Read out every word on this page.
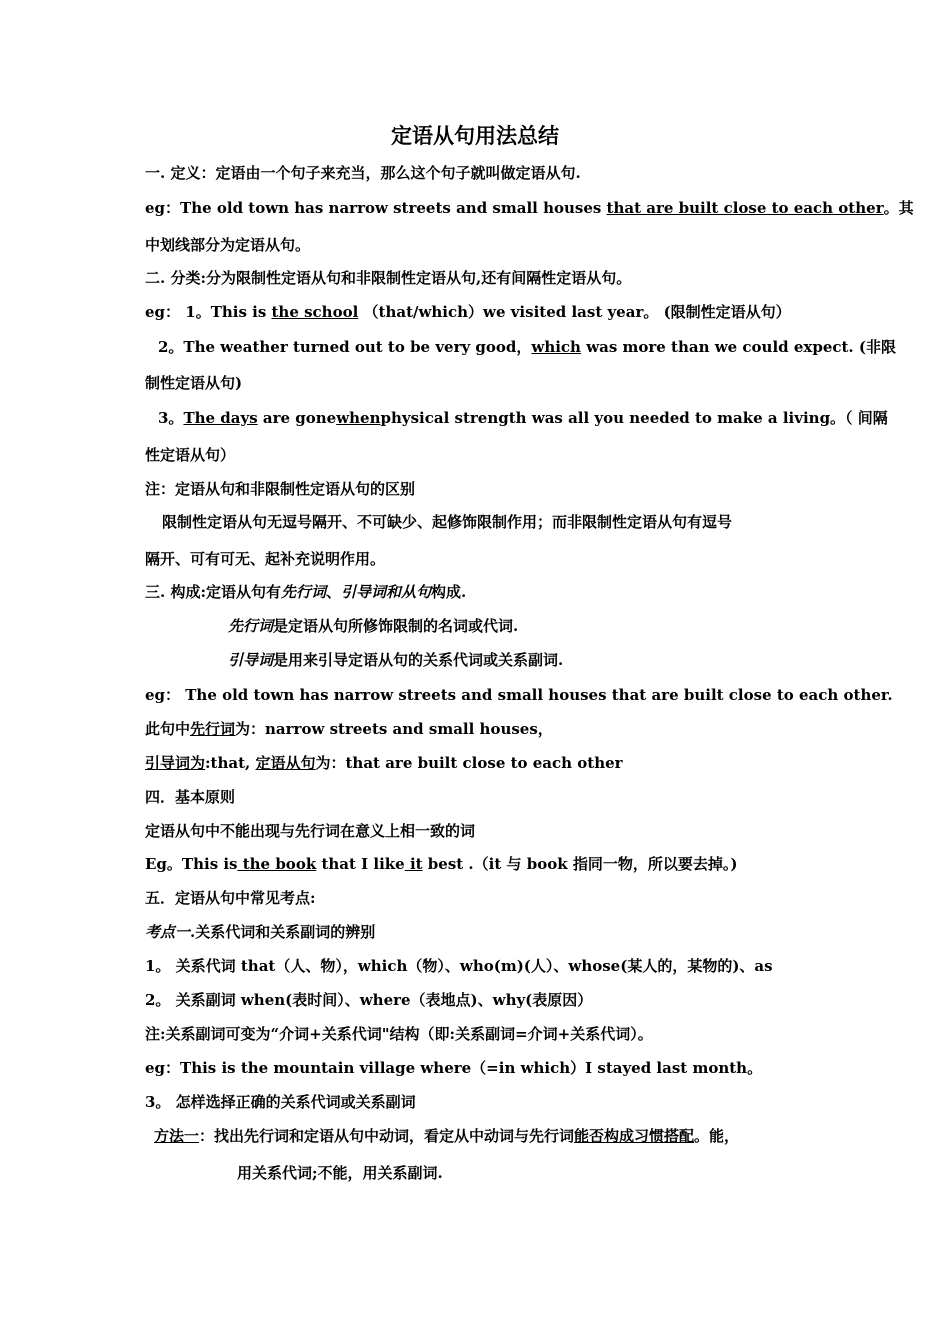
定语从句用法总结
一. 定义：定语由一个句子来充当，那么这个句子就叫做定语从句.
eg：The old town has narrow streets and small houses that are built close to each other。其
中划线部分为定语从句。
二. 分类:分为限制性定语从句和非限制性定语从句,还有间隔性定语从句。
eg： 1。This is the school （that/which）we visited last year。 (限制性定语从句）
2。The weather turned out to be very good，which was more than we could expect. (非限
制性定语从句)
3。The days are gonewhenphysical strength was all you needed to make a living。（ 间隔
性定语从句）
注：定语从句和非限制性定语从句的区别
限制性定语从句无逗号隔开、不可缺少、起修饰限制作用；而非限制性定语从句有逗号
隔开、可有可无、起补充说明作用。
三. 构成:定语从句有先行词、引导词和从句构成.
先行词是定语从句所修饰限制的名词或代词.
引导词是用来引导定语从句的关系代词或关系副词.
eg： The old town has narrow streets and small houses that are built close to each other.
此句中先行词为：narrow streets and small houses，
引导词为:that, 定语从句为：that are built close to each other
四．基本原则
定语从句中不能出现与先行词在意义上相一致的词
Eg。This is the book that I like it best .（it 与 book 指同一物，所以要去掉。)
五．定语从句中常见考点:
考点一.关系代词和关系副词的辨别
1。 关系代词 that（人、物），which（物）、who(m)(人）、whose(某人的，某物的)、as
2。 关系副词 when(表时间）、where（表地点)、why(表原因）
注:关系副词可变为“介词+关系代词"结构（即:关系副词=介词+关系代词）。
eg：This is the mountain village where（=in which）I stayed last month。
3。 怎样选择正确的关系代词或关系副词
方法一：找出先行词和定语从句中动词，看定从中动词与先行词能否构成习惯搭配。能，
用关系代词;不能，用关系副词.
